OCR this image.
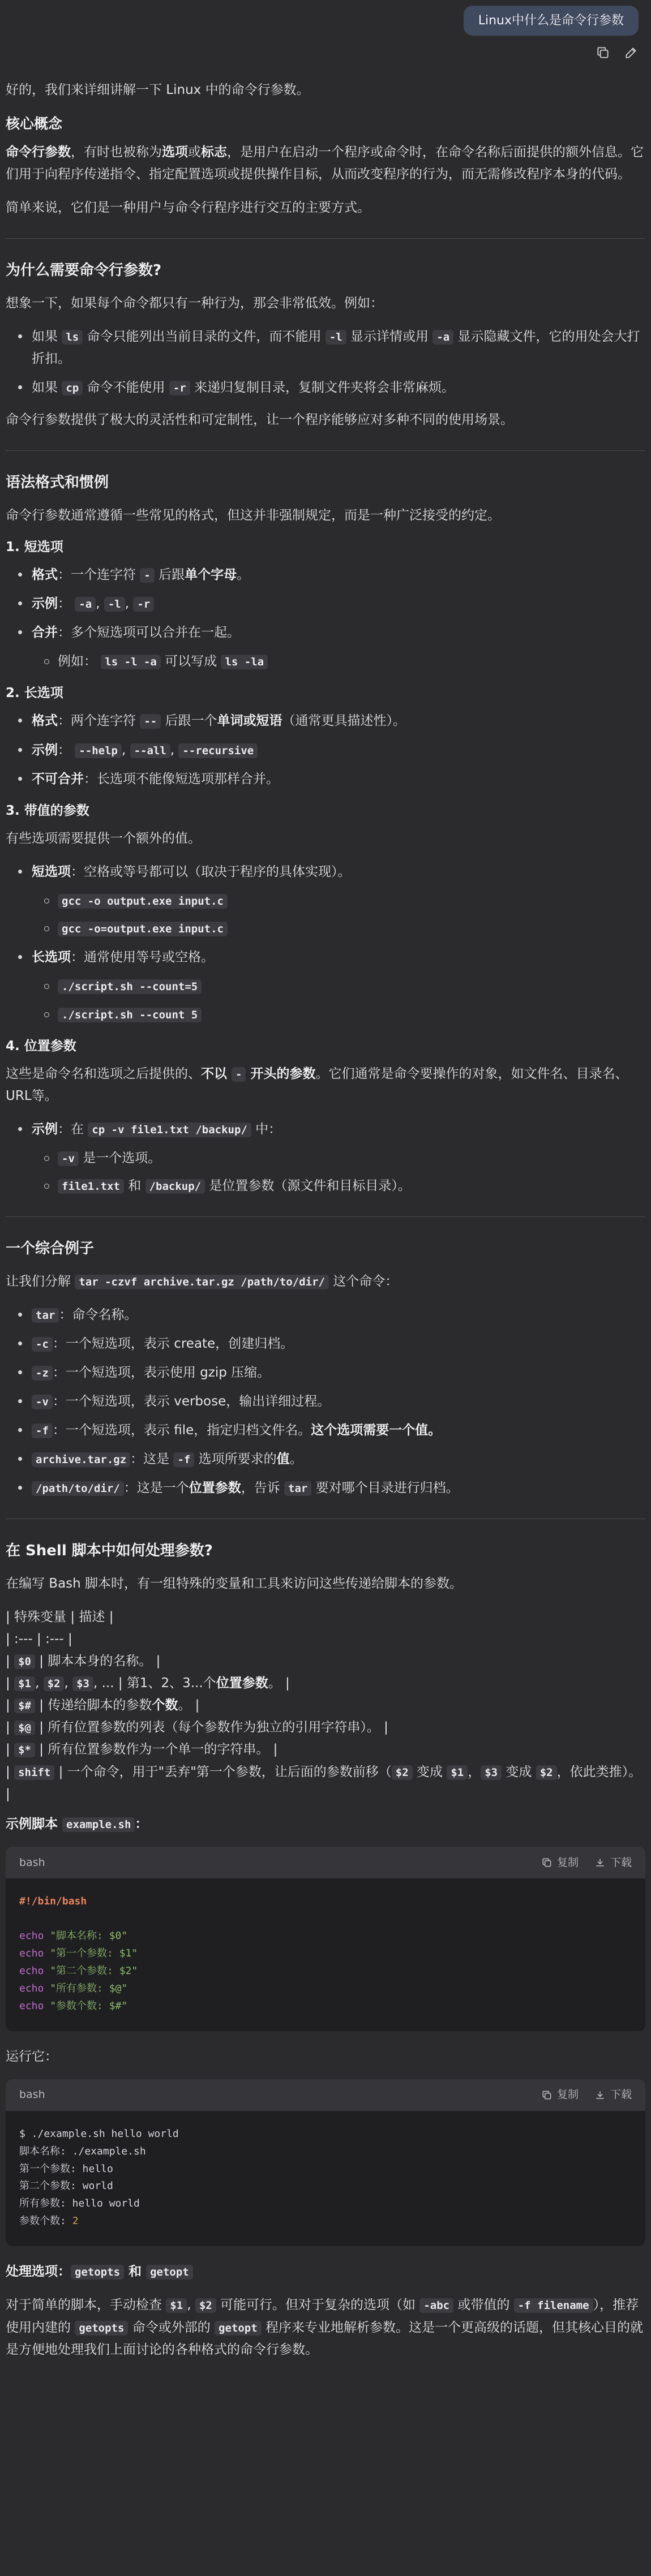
Linux中什么是命令行参数

好的，我们来详细讲解一下 Linux 中的命令行参数。

核心概念

命令行参数，有时也被称为选项或标志，是用户在启动一个程序或命令时，在命令名称后面提供的额外信息。它们用于向程序传递指令、指定配置选项或提供操作目标，从而改变程序的行为，而无需修改程序本身的代码。

简单来说，它们是一种用户与命令行程序进行交互的主要方式。

为什么需要命令行参数?

想象一下，如果每个命令都只有一种行为，那会非常低效。例如：

如果 ls 命令只能列出当前目录的文件，而不能用 -l 显示详情或用 -a 显示隐藏文件，它的用处会大打折扣。
如果 cp 命令不能使用 -r 来递归复制目录，复制文件夹将会非常麻烦。

命令行参数提供了极大的灵活性和可定制性，让一个程序能够应对多种不同的使用场景。

语法格式和惯例

命令行参数通常遵循一些常见的格式，但这并非强制规定，而是一种广泛接受的约定。

1. 短选项
格式：一个连字符 - 后跟单个字母。
示例： -a , -l , -r
合并：多个短选项可以合并在一起。
例如： ls -l -a 可以写成 ls -la
2. 长选项
格式：两个连字符 -- 后跟一个单词或短语（通常更具描述性）。
示例： --help , --all , --recursive
不可合并：长选项不能像短选项那样合并。
3. 带值的参数

有些选项需要提供一个额外的值。

短选项：空格或等号都可以（取决于程序的具体实现）。
gcc -o output.exe input.c
gcc -o=output.exe input.c
长选项：通常使用等号或空格。
./script.sh --count=5
./script.sh --count 5
4. 位置参数

这些是命令名和选项之后提供的、不以 - 开头的参数。它们通常是命令要操作的对象，如文件名、目录名、URL等。

示例：在 cp -v file1.txt /backup/ 中：
-v 是一个选项。
file1.txt 和 /backup/ 是位置参数（源文件和目标目录）。
一个综合例子

让我们分解 tar -czvf archive.tar.gz /path/to/dir/ 这个命令：

tar ：命令名称。
-c ：一个短选项，表示 create，创建归档。
-z ：一个短选项，表示使用 gzip 压缩。
-v ：一个短选项，表示 verbose，输出详细过程。
-f ：一个短选项，表示 file，指定归档文件名。这个选项需要一个值。
archive.tar.gz ：这是 -f 选项所要求的值。
/path/to/dir/ ：这是一个位置参数，告诉 tar 要对哪个目录进行归档。
在 Shell 脚本中如何处理参数?

在编写 Bash 脚本时，有一组特殊的变量和工具来访问这些传递给脚本的参数。

| 特殊变量 | 描述 |
| :--- | :--- |
| $0 | 脚本本身的名称。 |
| $1 , $2 , $3 , ... | 第1、2、3...个位置参数。 |
| $# | 传递给脚本的参数个数。 |
| $@ | 所有位置参数的列表（每个参数作为独立的引用字符串）。 |
| $* | 所有位置参数作为一个单一的字符串。 |
| shift | 一个命令，用于"丢弃"第一个参数，让后面的参数前移（ $2 变成 $1 ， $3 变成 $2 ，依此类推）。 |

示例脚本 example.sh ：

bash	复制	下载
#!/bin/bash

echo "脚本名称: $0"
echo "第一个参数: $1"
echo "第二个参数: $2"
echo "所有参数: $@"
echo "参数个数: $#"

运行它：

bash	复制	下载
$ ./example.sh hello world
脚本名称: ./example.sh
第一个参数: hello
第二个参数: world
所有参数: hello world
参数个数: 2

处理选项： getopts 和 getopt

对于简单的脚本，手动检查 $1 , $2 可能可行。但对于复杂的选项（如 -abc 或带值的 -f filename ），推荐使用内建的 getopts 命令或外部的 getopt 程序来专业地解析参数。这是一个更高级的话题，但其核心目的就是方便地处理我们上面讨论的各种格式的命令行参数。
